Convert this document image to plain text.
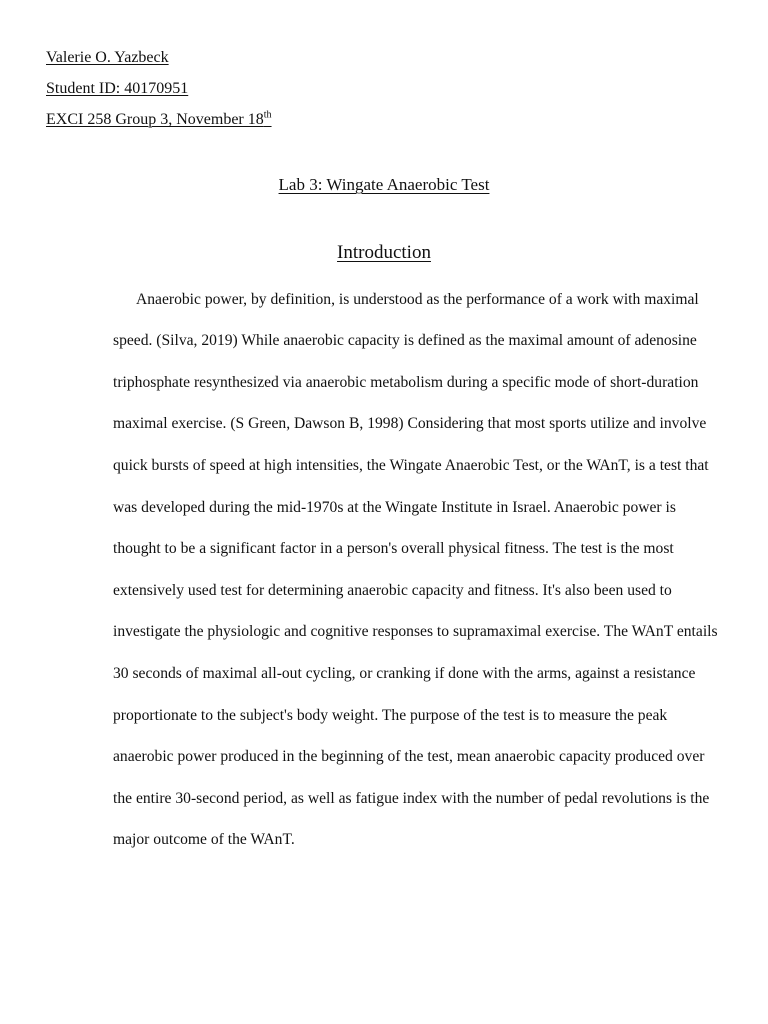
Valerie O. Yazbeck
Student ID: 40170951
EXCI 258 Group 3, November 18th
Lab 3: Wingate Anaerobic Test
Introduction

Anaerobic power, by definition, is understood as the performance of a work with maximal speed. (Silva, 2019) While anaerobic capacity is defined as the maximal amount of adenosine triphosphate resynthesized via anaerobic metabolism during a specific mode of short-duration maximal exercise. (S Green, Dawson B, 1998) Considering that most sports utilize and involve quick bursts of speed at high intensities, the Wingate Anaerobic Test, or the WAnT, is a test that was developed during the mid-1970s at the Wingate Institute in Israel. Anaerobic power is thought to be a significant factor in a person's overall physical fitness. The test is the most extensively used test for determining anaerobic capacity and fitness. It's also been used to investigate the physiologic and cognitive responses to supramaximal exercise. The WAnT entails 30 seconds of maximal all-out cycling, or cranking if done with the arms, against a resistance proportionate to the subject's body weight. The purpose of the test is to measure the peak anaerobic power produced in the beginning of the test, mean anaerobic capacity produced over the entire 30-second period, as well as fatigue index with the number of pedal revolutions is the major outcome of the WAnT.
